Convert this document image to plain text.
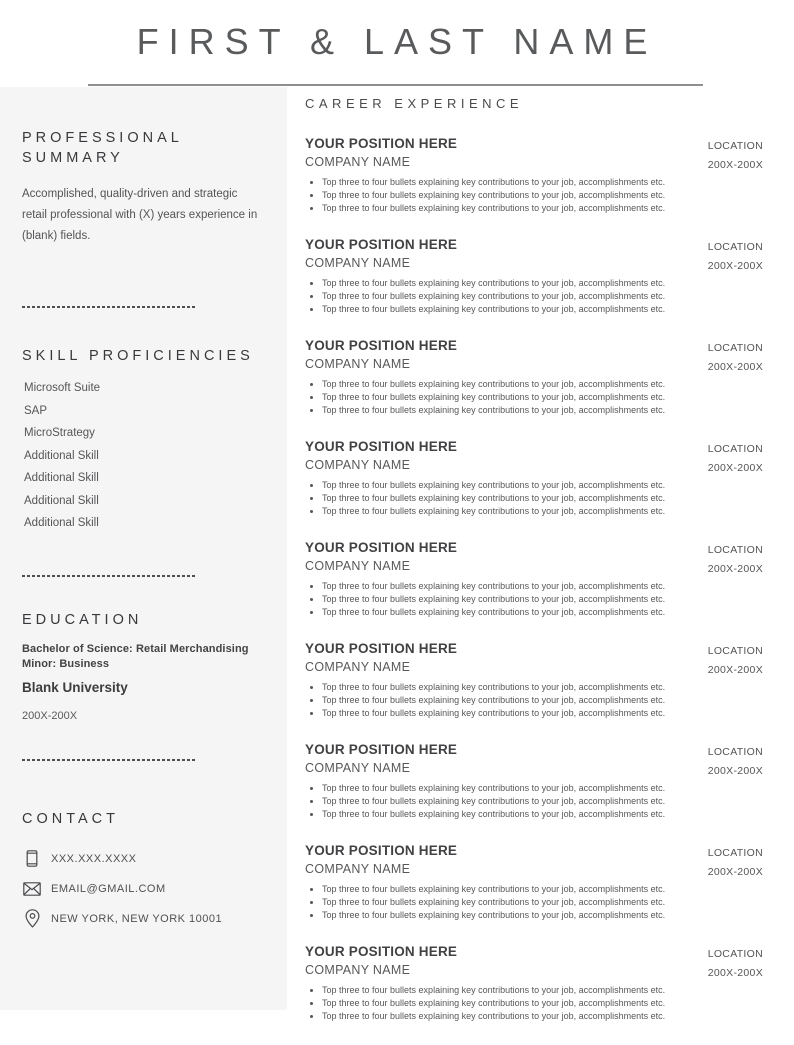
FIRST & LAST NAME
PROFESSIONAL SUMMARY

Accomplished, quality-driven and strategic retail professional with (X) years experience in (blank) fields.

SKILL PROFICIENCIES
Microsoft Suite
SAP
MicroStrategy
Additional Skill
Additional Skill
Additional Skill
Additional Skill
EDUCATION

Bachelor of Science: Retail Merchandising

Minor: Business

Blank University

200X-200X

CONTACT
XXX.XXX.XXXX
EMAIL@GMAIL.COM
NEW YORK, NEW YORK 10001
CAREER EXPERIENCE
YOUR POSITION HERE
COMPANY NAME
• Top three to four bullets explaining key contributions to your job, accomplishments etc.
• Top three to four bullets explaining key contributions to your job, accomplishments etc.
• Top three to four bullets explaining key contributions to your job, accomplishments etc.
LOCATION
200X-200X
YOUR POSITION HERE
COMPANY NAME
• Top three to four bullets explaining key contributions to your job, accomplishments etc.
• Top three to four bullets explaining key contributions to your job, accomplishments etc.
• Top three to four bullets explaining key contributions to your job, accomplishments etc.
LOCATION
200X-200X
YOUR POSITION HERE
COMPANY NAME
• Top three to four bullets explaining key contributions to your job, accomplishments etc.
• Top three to four bullets explaining key contributions to your job, accomplishments etc.
• Top three to four bullets explaining key contributions to your job, accomplishments etc.
LOCATION
200X-200X
YOUR POSITION HERE
COMPANY NAME
• Top three to four bullets explaining key contributions to your job, accomplishments etc.
• Top three to four bullets explaining key contributions to your job, accomplishments etc.
• Top three to four bullets explaining key contributions to your job, accomplishments etc.
LOCATION
200X-200X
YOUR POSITION HERE
COMPANY NAME
• Top three to four bullets explaining key contributions to your job, accomplishments etc.
• Top three to four bullets explaining key contributions to your job, accomplishments etc.
• Top three to four bullets explaining key contributions to your job, accomplishments etc.
LOCATION
200X-200X
YOUR POSITION HERE
COMPANY NAME
• Top three to four bullets explaining key contributions to your job, accomplishments etc.
• Top three to four bullets explaining key contributions to your job, accomplishments etc.
• Top three to four bullets explaining key contributions to your job, accomplishments etc.
LOCATION
200X-200X
YOUR POSITION HERE
COMPANY NAME
• Top three to four bullets explaining key contributions to your job, accomplishments etc.
• Top three to four bullets explaining key contributions to your job, accomplishments etc.
• Top three to four bullets explaining key contributions to your job, accomplishments etc.
LOCATION
200X-200X
YOUR POSITION HERE
COMPANY NAME
• Top three to four bullets explaining key contributions to your job, accomplishments etc.
• Top three to four bullets explaining key contributions to your job, accomplishments etc.
• Top three to four bullets explaining key contributions to your job, accomplishments etc.
LOCATION
200X-200X
YOUR POSITION HERE
COMPANY NAME
• Top three to four bullets explaining key contributions to your job, accomplishments etc.
• Top three to four bullets explaining key contributions to your job, accomplishments etc.
• Top three to four bullets explaining key contributions to your job, accomplishments etc.
LOCATION
200X-200X
